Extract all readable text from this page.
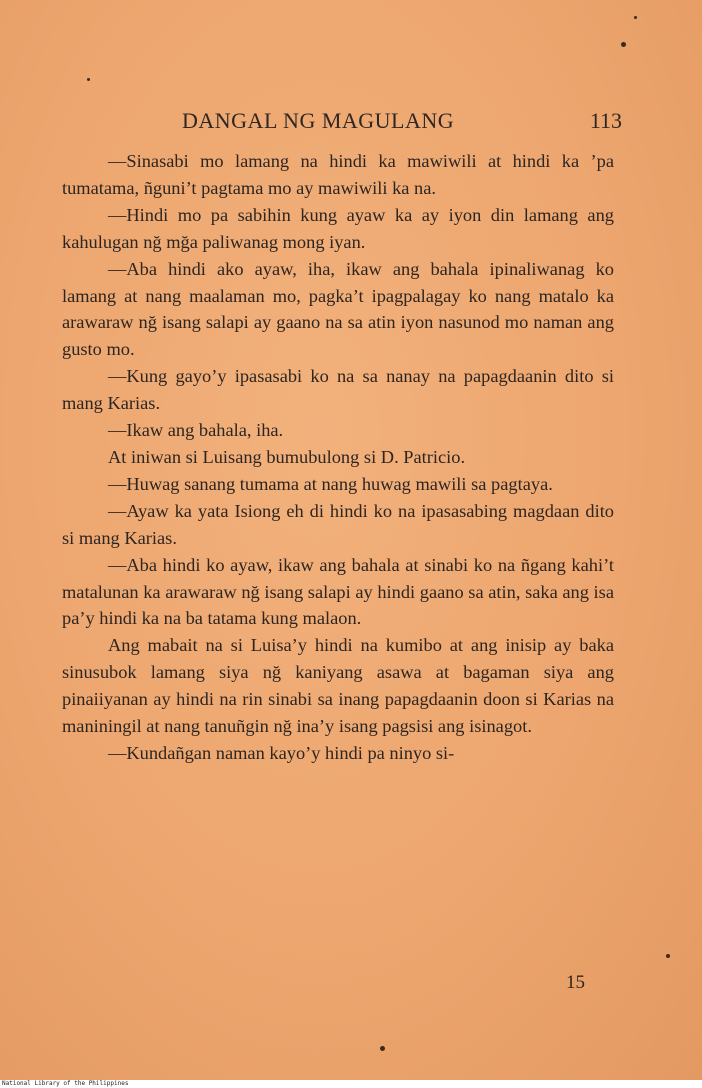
DANGAL NG MAGULANG	113

—Sinasabi mo lamang na hindi ka mawiwili at hindi ka ’pa tumatama, ñguni’t pagtama mo ay mawiwili ka na.

—Hindi mo pa sabihin kung ayaw ka ay iyon din lamang ang kahulugan nğ mğa paliwanag mong iyan.

—Aba hindi ako ayaw, iha, ikaw ang bahala ipinaliwanag ko lamang at nang maalaman mo, pagka’t ipagpalagay ko nang matalo ka arawaraw nğ isang salapi ay gaano na sa atin iyon nasunod mo naman ang gusto mo.

—Kung gayo’y ipasasabi ko na sa nanay na papagdaanin dito si mang Karias.

—Ikaw ang bahala, iha.

At iniwan si Luisang bumubulong si D. Patricio.

—Huwag sanang tumama at nang huwag mawili sa pagtaya.

—Ayaw ka yata Isiong eh di hindi ko na ipasasabing magdaan dito si mang Karias.

—Aba hindi ko ayaw, ikaw ang bahala at sinabi ko na ñgang kahi’t matalunan ka arawaraw nğ isang salapi ay hindi gaano sa atin, saka ang isa pa’y hindi ka na ba tatama kung malaon.

Ang mabait na si Luisa’y hindi na kumibo at ang inisip ay baka sinusubok lamang siya nğ kaniyang asawa at bagaman siya ang pinaiiyanan ay hindi na rin sinabi sa inang papagdaanin doon si Karias na maniningil at nang tanuñgin nğ ina’y isang pagsisi ang isinagot.

—Kundañgan naman kayo’y hindi pa ninyo si-

15
National Library of the Philippines
